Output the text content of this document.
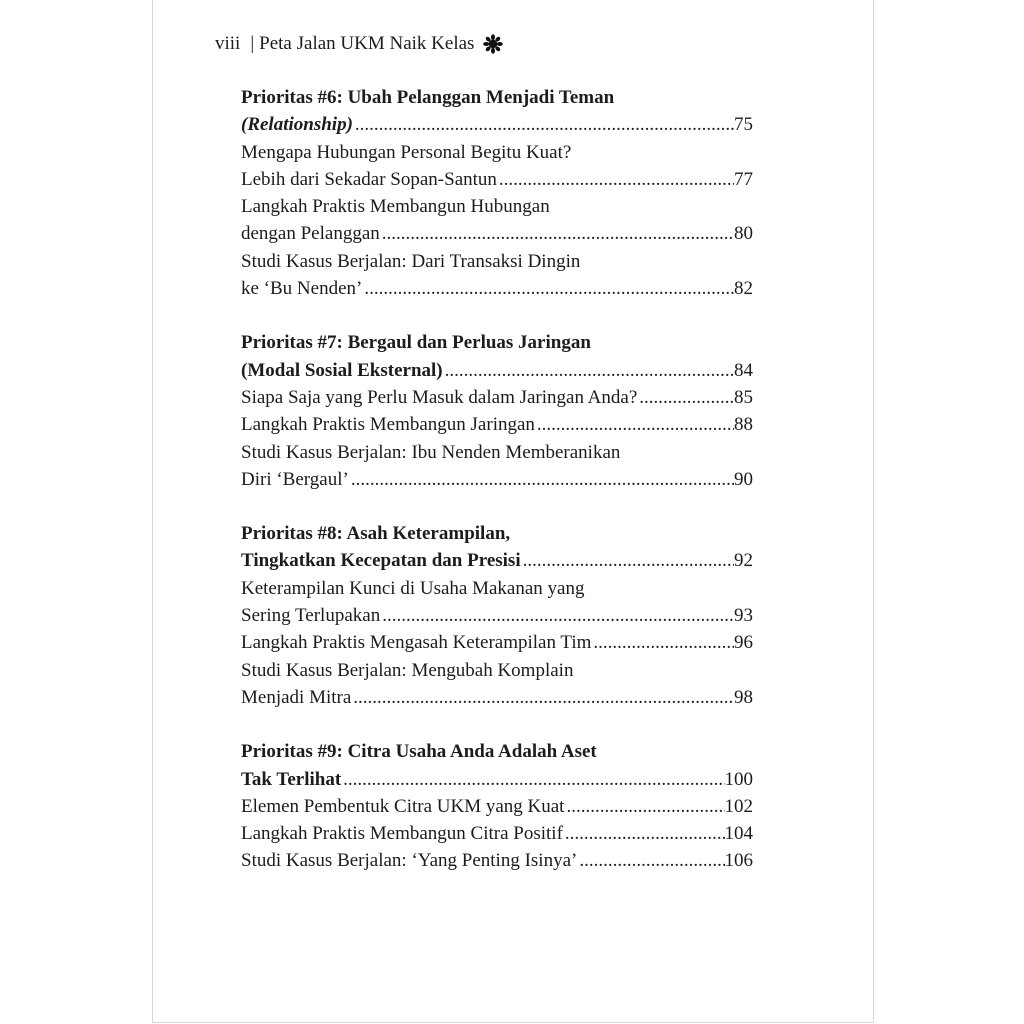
viii | Peta Jalan UKM Naik Kelas
Prioritas #6: Ubah Pelanggan Menjadi Teman
(Relationship) .....	75
Mengapa Hubungan Personal Begitu Kuat?
Lebih dari Sekadar Sopan-Santun .....	77
Langkah Praktis Membangun Hubungan
dengan Pelanggan .....	80
Studi Kasus Berjalan: Dari Transaksi Dingin
ke ‘Bu Nenden’ .....	82
Prioritas #7: Bergaul dan Perluas Jaringan
(Modal Sosial Eksternal) .....	84
Siapa Saja yang Perlu Masuk dalam Jaringan Anda? .....	85
Langkah Praktis Membangun Jaringan .....	88
Studi Kasus Berjalan: Ibu Nenden Memberanikan
Diri ‘Bergaul’ .....	90
Prioritas #8: Asah Keterampilan,
Tingkatkan Kecepatan dan Presisi .....	92
Keterampilan Kunci di Usaha Makanan yang
Sering Terlupakan .....	93
Langkah Praktis Mengasah Keterampilan Tim .....	96
Studi Kasus Berjalan: Mengubah Komplain
Menjadi Mitra .....	98
Prioritas #9: Citra Usaha Anda Adalah Aset
Tak Terlihat .....	100
Elemen Pembentuk Citra UKM yang Kuat .....	102
Langkah Praktis Membangun Citra Positif .....	104
Studi Kasus Berjalan: ‘Yang Penting Isinya’ .....	106
